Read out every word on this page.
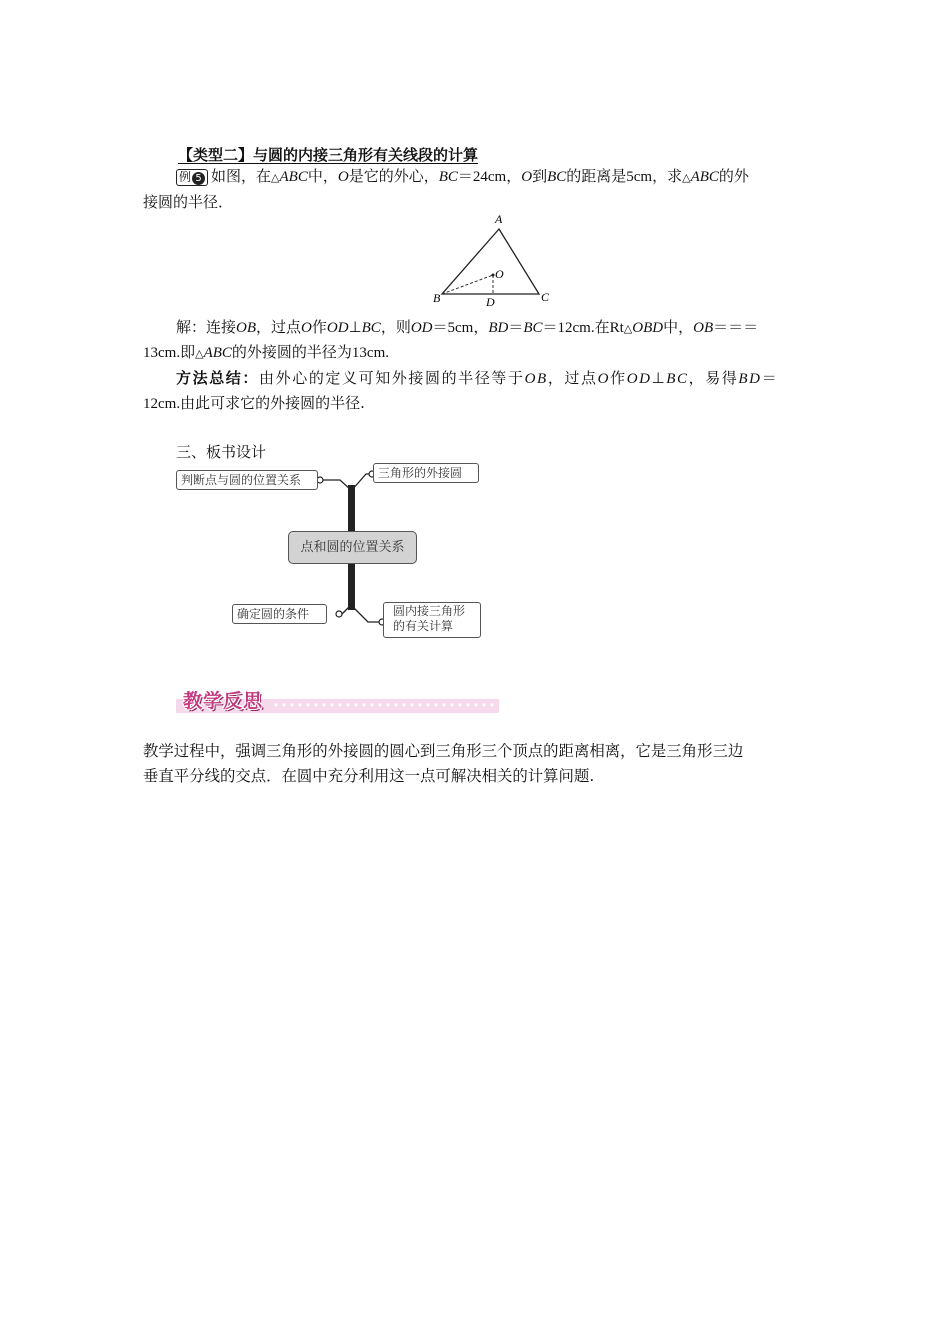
【类型二】与圆的内接三角形有关线段的计算
例 5 如图，在△ABC中，O是它的外心，BC＝24cm，O到BC的距离是5cm，求△ABC的外
接圆的半径．
A
B	C
O
D
解：连接OB，过点O作OD⊥BC，则OD＝5cm，BD＝BC＝12cm.在Rt△OBD中，OB＝＝＝
13cm.即△ABC的外接圆的半径为13cm.
方法总结：由外心的定义可知外接圆的半径等于OB，过点O作OD⊥BC，易得BD＝
12cm.由此可求它的外接圆的半径.
三、板书设计
判断点与圆的位置关系	三角形的外接圆
点和圆的位置关系
确定圆的条件	圆内接三角形
的有关计算
教学反思
教学过程中，强调三角形的外接圆的圆心到三角形三个顶点的距离相离，它是三角形三边
垂直平分线的交点．在圆中充分利用这一点可解决相关的计算问题.
